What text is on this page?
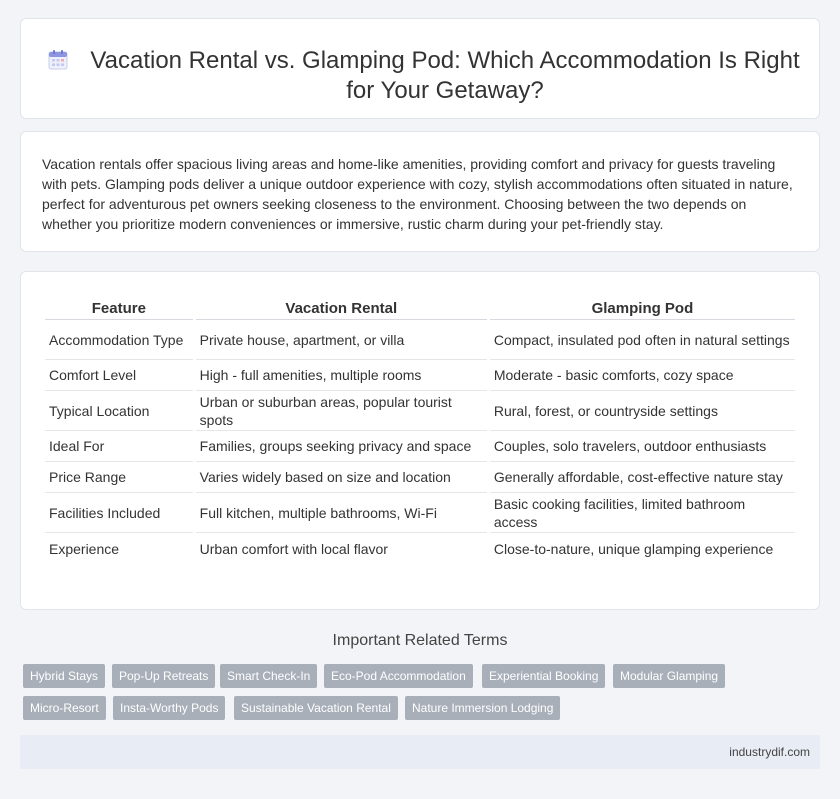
Vacation Rental vs. Glamping Pod: Which Accommodation Is Right for Your Getaway?

Vacation rentals offer spacious living areas and home-like amenities, providing comfort and privacy for guests traveling with pets. Glamping pods deliver a unique outdoor experience with cozy, stylish accommodations often situated in nature, perfect for adventurous pet owners seeking closeness to the environment. Choosing between the two depends on whether you prioritize modern conveniences or immersive, rustic charm during your pet-friendly stay.

Feature	Vacation Rental	Glamping Pod
Accommodation Type	Private house, apartment, or villa	Compact, insulated pod often in natural settings
Comfort Level	High - full amenities, multiple rooms	Moderate - basic comforts, cozy space
Typical Location	Urban or suburban areas, popular tourist spots	Rural, forest, or countryside settings
Ideal For	Families, groups seeking privacy and space	Couples, solo travelers, outdoor enthusiasts
Price Range	Varies widely based on size and location	Generally affordable, cost-effective nature stay
Facilities Included	Full kitchen, multiple bathrooms, Wi-Fi	Basic cooking facilities, limited bathroom access
Experience	Urban comfort with local flavor	Close-to-nature, unique glamping experience
Important Related Terms
Hybrid Stays	Pop-Up Retreats	Smart Check-In	Eco-Pod Accommodation	Experiential Booking	Modular Glamping
Micro-Resort	Insta-Worthy Pods	Sustainable Vacation Rental	Nature Immersion Lodging
industrydif.com
